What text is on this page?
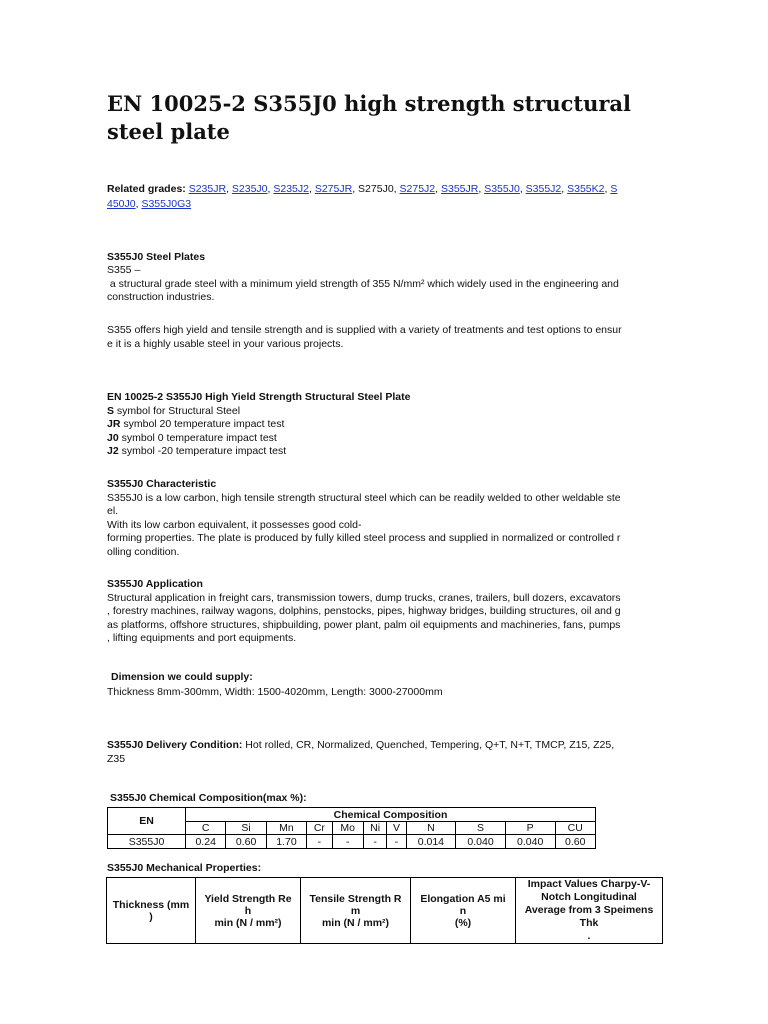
EN 10025-2 S355J0 high strength structural steel plate
Related grades: S235JR, S235J0, S235J2, S275JR, S275J0, S275J2, S355JR, S355J0, S355J2, S355K2, S
450J0, S355J0G3
S355J0 Steel Plates
S355 –
a structural grade steel with a minimum yield strength of 355 N/mm² which widely used in the engineering and
construction industries.
S355 offers high yield and tensile strength and is supplied with a variety of treatments and test options to ensur
e it is a highly usable steel in your various projects.
EN 10025-2 S355J0 High Yield Strength Structural Steel Plate
S symbol for Structural Steel
JR symbol 20 temperature impact test
J0 symbol 0 temperature impact test
J2 symbol -20 temperature impact test
S355J0 Characteristic
S355J0 is a low carbon, high tensile strength structural steel which can be readily welded to other weldable ste
el.
With its low carbon equivalent, it possesses good cold-
forming properties. The plate is produced by fully killed steel process and supplied in normalized or controlled r
olling condition.
S355J0 Application
Structural application in freight cars, transmission towers, dump trucks, cranes, trailers, bull dozers, excavators
, forestry machines, railway wagons, dolphins, penstocks, pipes, highway bridges, building structures, oil and g
as platforms, offshore structures, shipbuilding, power plant, palm oil equipments and machineries, fans, pumps
, lifting equipments and port equipments.
Dimension we could supply:
Thickness 8mm-300mm, Width: 1500-4020mm, Length: 3000-27000mm
S355J0 Delivery Condition: Hot rolled, CR, Normalized, Quenched, Tempering, Q+T, N+T, TMCP, Z15, Z25,
Z35
S355J0 Chemical Composition(max %):
EN	Chemical Composition										
	C	Si	Mn	Cr	Mo	Ni	V	N	S	P	CU
S355J0	0.24	0.60	1.70	-	-	-	-	0.014	0.040	0.040	0.60
S355J0 Mechanical Properties:
Thickness (mm
)

Yield Strength Re
h
min (N / mm²)

Tensile Strength R
m
min (N / mm²)

Elongation A5 mi
n
(%)

Impact Values Charpy-V-
Notch Longitudinal
Average from 3 Speimens Thk
.
